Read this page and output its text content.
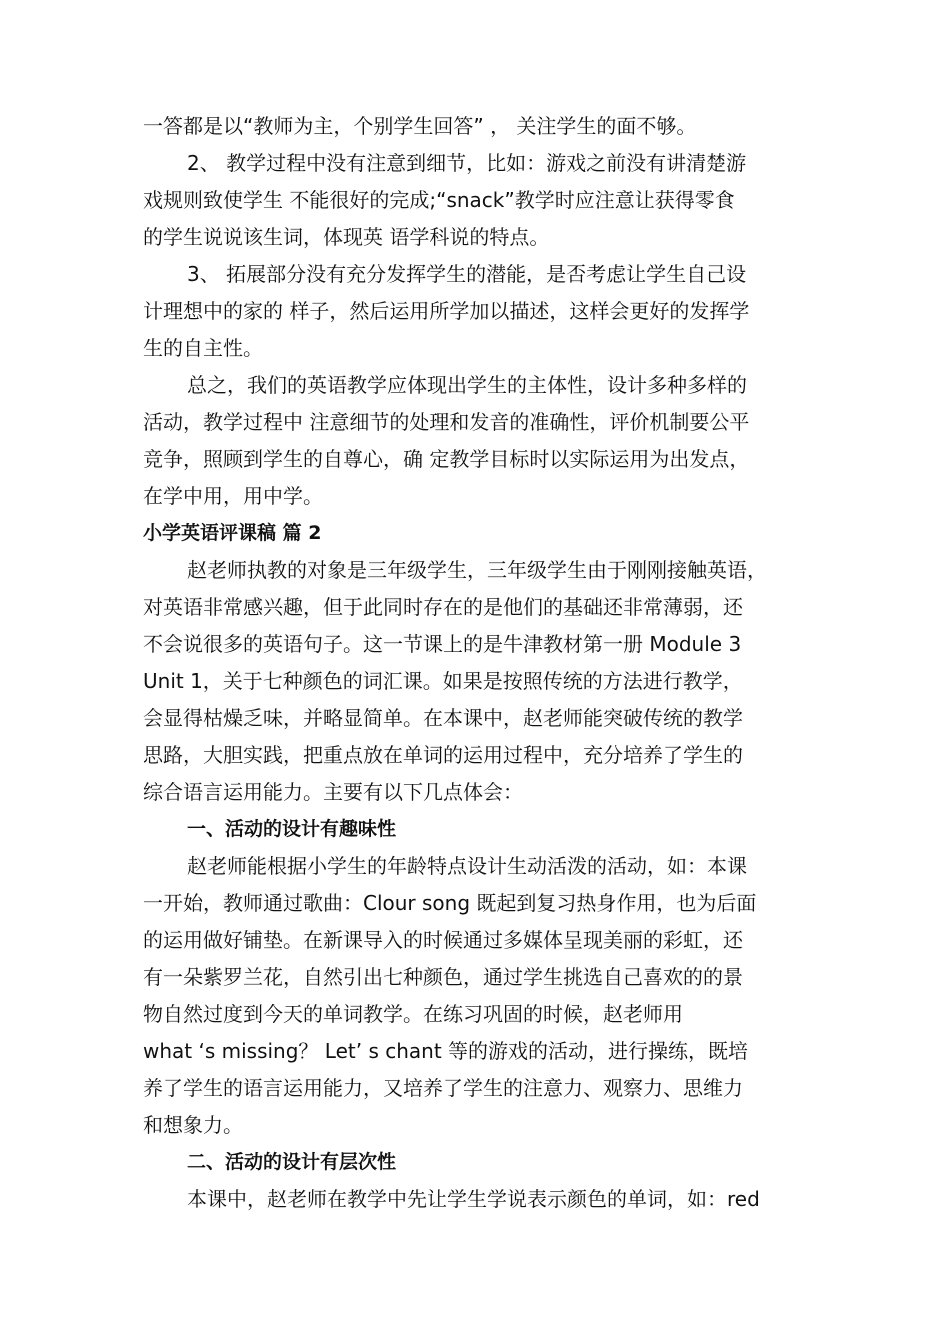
一答都是以“教师为主，个别学生回答” ， 关注学生的面不够。
2、 教学过程中没有注意到细节，比如：游戏之前没有讲清楚游
戏规则致使学生 不能很好的完成;“snack”教学时应注意让获得零食
的学生说说该生词，体现英 语学科说的特点。
3、 拓展部分没有充分发挥学生的潜能，是否考虑让学生自己设
计理想中的家的 样子，然后运用所学加以描述，这样会更好的发挥学
生的自主性。
总之，我们的英语教学应体现出学生的主体性，设计多种多样的
活动，教学过程中 注意细节的处理和发音的准确性，评价机制要公平
竞争，照顾到学生的自尊心，确 定教学目标时以实际运用为出发点，
在学中用，用中学。
小学英语评课稿 篇 2
赵老师执教的对象是三年级学生，三年级学生由于刚刚接触英语，
对英语非常感兴趣，但于此同时存在的是他们的基础还非常薄弱，还
不会说很多的英语句子。这一节课上的是牛津教材第一册 Module 3
Unit 1，关于七种颜色的词汇课。如果是按照传统的方法进行教学，
会显得枯燥乏味，并略显简单。在本课中，赵老师能突破传统的教学
思路，大胆实践，把重点放在单词的运用过程中，充分培养了学生的
综合语言运用能力。主要有以下几点体会：
一、活动的设计有趣味性
赵老师能根据小学生的年龄特点设计生动活泼的活动，如：本课
一开始，教师通过歌曲：Clour song 既起到复习热身作用，也为后面
的运用做好铺垫。在新课导入的时候通过多媒体呈现美丽的彩虹，还
有一朵紫罗兰花，自然引出七种颜色，通过学生挑选自己喜欢的的景
物自然过度到今天的单词教学。在练习巩固的时候，赵老师用
what ‘s missing？ Let’ s chant 等的游戏的活动，进行操练，既培
养了学生的语言运用能力，又培养了学生的注意力、观察力、思维力
和想象力。
二、活动的设计有层次性
本课中，赵老师在教学中先让学生学说表示颜色的单词，如：red
